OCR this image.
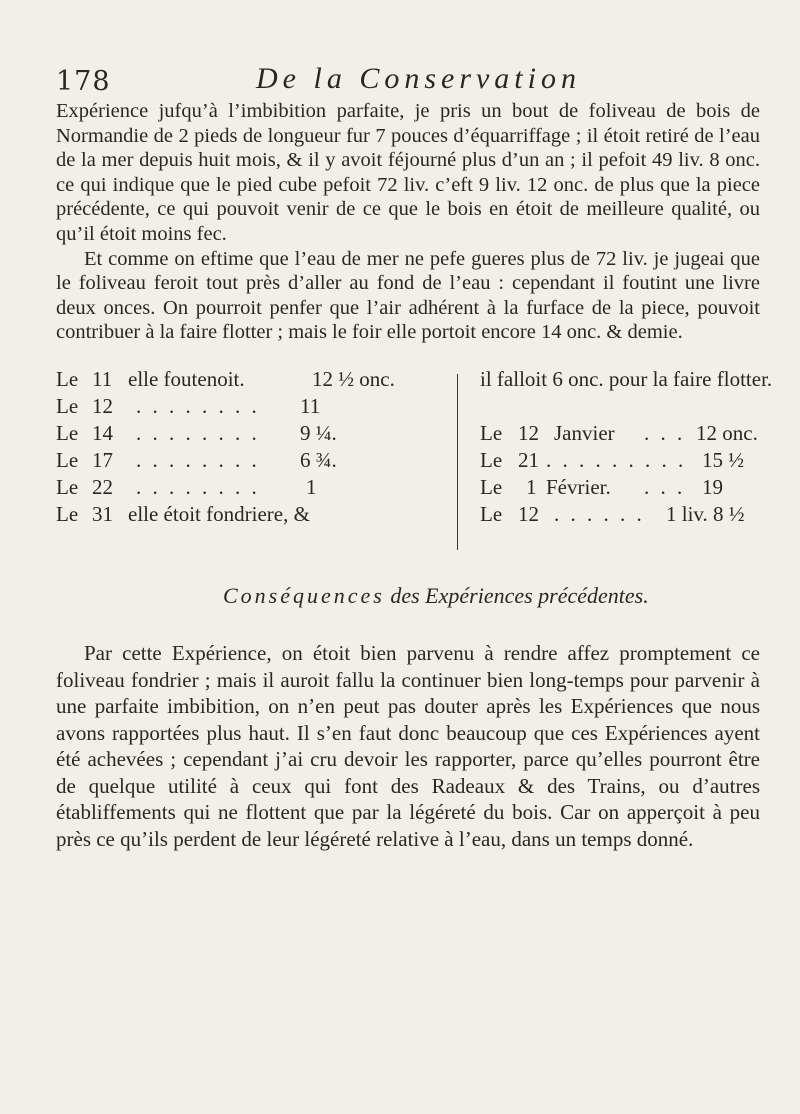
178	De la Conservation

Expérience jufqu’à l’imbibition parfaite, je pris un bout de foliveau de bois de Normandie de 2 pieds de longueur fur 7 pouces d’équarriffage ; il étoit retiré de l’eau de la mer depuis huit mois, & il y avoit féjourné plus d’un an ; il pefoit 49 liv. 8 onc. ce qui indique que le pied cube pefoit 72 liv. c’eft 9 liv. 12 onc. de plus que la piece précédente, ce qui pouvoit venir de ce que le bois en étoit de meilleure qualité, ou qu’il étoit moins fec.

Et comme on eftime que l’eau de mer ne pefe gueres plus de 72 liv. je jugeai que le foliveau feroit tout près d’aller au fond de l’eau : cependant il foutint une livre deux onces. On pourroit penfer que l’air adhérent à la furface de la piece, pouvoit contribuer à la faire flotter ; mais le foir elle portoit encore 14 onc. & demie.

Le 11 elle foutenoit.	12 ½ onc.
Le 12 . . . . . . . . 11
Le 14 . . . . . . . . 9 ¼.
Le 17 . . . . . . . . 6 ¾.
Le 22 . . . . . . . . 1
Le 31 elle étoit fondriere, &
il falloit 6 onc. pour la faire flotter.
Le 12 Janvier . . . 12 onc.
Le 21 . . . . . . . . . 15 ½
Le 1 Février. . . . 19
Le 12 . . . . . . 1 liv. 8 ½
Conséquences des Expériences précédentes.

Par cette Expérience, on étoit bien parvenu à rendre affez promptement ce foliveau fondrier ; mais il auroit fallu la continuer bien long-temps pour parvenir à une parfaite imbibition, on n’en peut pas douter après les Expériences que nous avons rapportées plus haut. Il s’en faut donc beaucoup que ces Expériences ayent été achevées ; cependant j’ai cru devoir les rapporter, parce qu’elles pourront être de quelque utilité à ceux qui font des Radeaux & des Trains, ou d’autres établiffements qui ne flottent que par la légéreté du bois. Car on apperçoit à peu près ce qu’ils perdent de leur légéreté relative à l’eau, dans un temps donné.
